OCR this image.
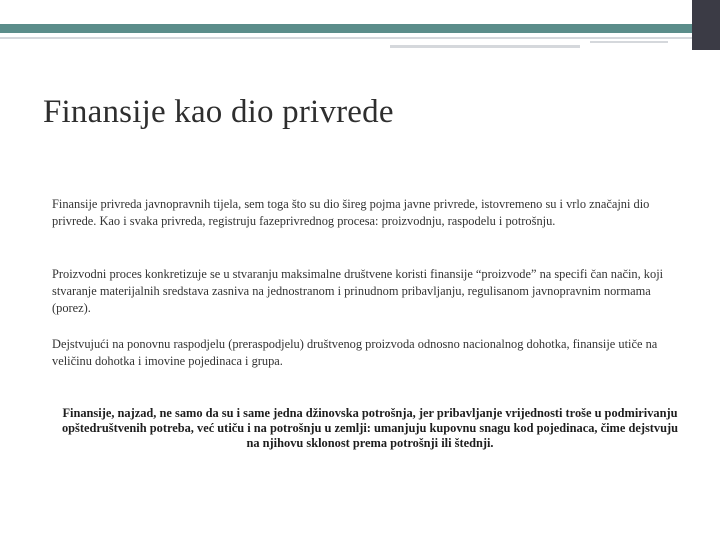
Finansije kao dio privrede

Finansije privreda javnopravnih tijela, sem toga što su dio šireg pojma javne privrede, istovremeno su i vrlo značajni dio privrede. Kao i svaka privreda, registruju fazeprivrednog procesa: proizvodnju, raspodelu i potrošnju.

Proizvodni proces konkretizuje se u stvaranju maksimalne društvene koristi finansije “proizvode” na specifi čan način, koji stvaranje materijalnih sredstava zasniva na jednostranom i prinudnom pribavljanju, regulisanom javnopravnim normama (porez).

Dejstvujući na ponovnu raspodjelu (preraspodjelu) društvenog proizvoda odnosno nacionalnog dohotka, finansije utiče na veličinu dohotka i imovine pojedinaca i grupa.

Finansije, najzad, ne samo da su i same jedna džinovska potrošnja, jer pribavljanje vrijednosti troše u podmirivanju opštedruštvenih potreba, već utiču i na potrošnju u zemlji: umanjuju kupovnu snagu kod pojedinaca, čime dejstvuju na njihovu sklonost prema potrošnji ili štednji.
